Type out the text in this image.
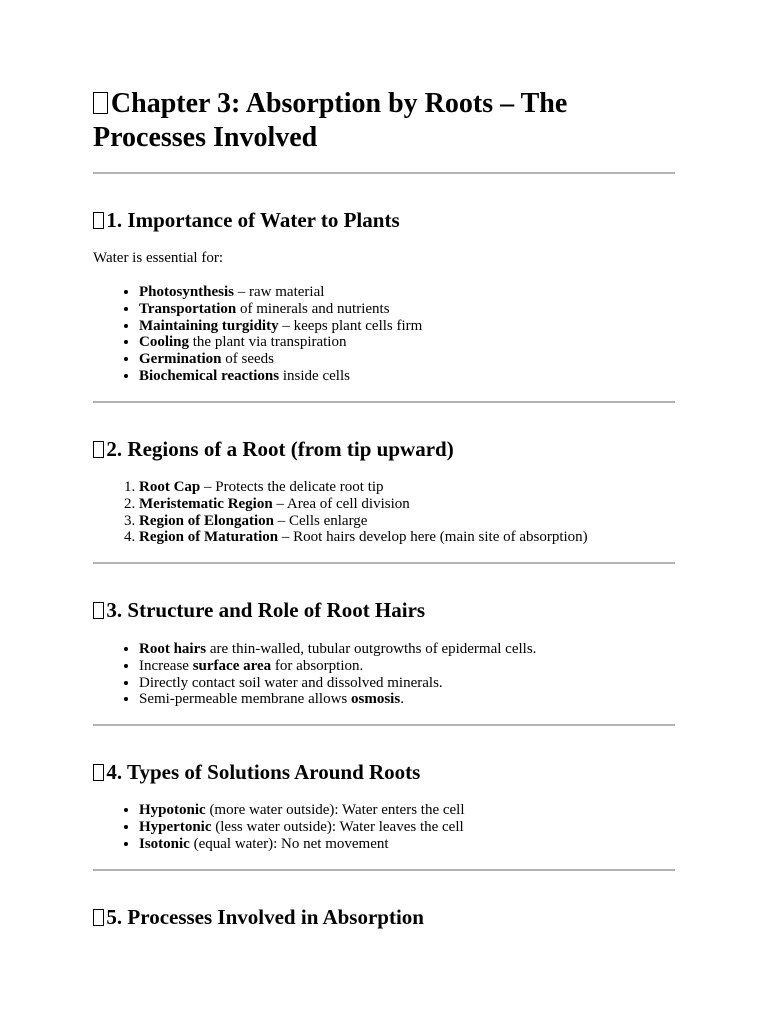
Chapter 3: Absorption by Roots – The Processes Involved
1. Importance of Water to Plants

Water is essential for:

• Photosynthesis – raw material
• Transportation of minerals and nutrients
• Maintaining turgidity – keeps plant cells firm
• Cooling the plant via transpiration
• Germination of seeds
• Biochemical reactions inside cells
2. Regions of a Root (from tip upward)
1. Root Cap – Protects the delicate root tip
2. Meristematic Region – Area of cell division
3. Region of Elongation – Cells enlarge
4. Region of Maturation – Root hairs develop here (main site of absorption)
3. Structure and Role of Root Hairs
• Root hairs are thin-walled, tubular outgrowths of epidermal cells.
• Increase surface area for absorption.
• Directly contact soil water and dissolved minerals.
• Semi-permeable membrane allows osmosis.
4. Types of Solutions Around Roots
• Hypotonic (more water outside): Water enters the cell
• Hypertonic (less water outside): Water leaves the cell
• Isotonic (equal water): No net movement
5. Processes Involved in Absorption
